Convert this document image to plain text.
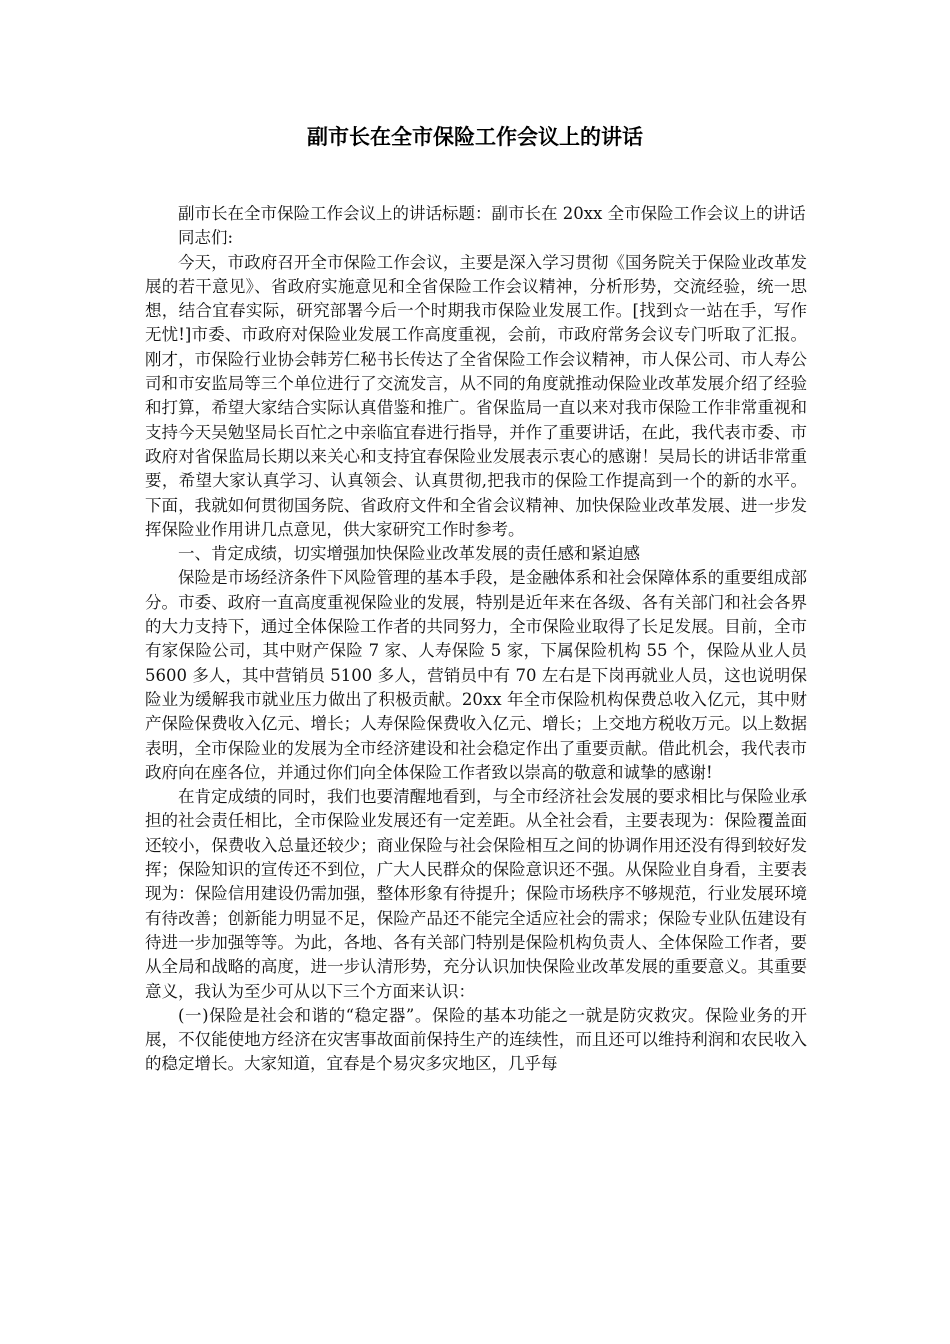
副市长在全市保险工作会议上的讲话

副市长在全市保险工作会议上的讲话标题：副市长在 20xx 全市保险工作会议上的讲话

同志们:

今天，市政府召开全市保险工作会议，主要是深入学习贯彻《国务院关于保险业改革发展的若干意见》、省政府实施意见和全省保险工作会议精神，分析形势，交流经验，统一思想，结合宜春实际，研究部署今后一个时期我市保险业发展工作。[找到☆一站在手，写作无忧!]市委、市政府对保险业发展工作高度重视，会前，市政府常务会议专门听取了汇报。刚才，市保险行业协会韩芳仁秘书长传达了全省保险工作会议精神，市人保公司、市人寿公司和市安监局等三个单位进行了交流发言，从不同的角度就推动保险业改革发展介绍了经验和打算，希望大家结合实际认真借鉴和推广。省保监局一直以来对我市保险工作非常重视和支持今天吴勉坚局长百忙之中亲临宜春进行指导，并作了重要讲话，在此，我代表市委、市政府对省保监局长期以来关心和支持宜春保险业发展表示衷心的感谢！吴局长的讲话非常重要，希望大家认真学习、认真领会、认真贯彻,把我市的保险工作提高到一个的新的水平。下面，我就如何贯彻国务院、省政府文件和全省会议精神、加快保险业改革发展、进一步发挥保险业作用讲几点意见，供大家研究工作时参考。

一、肯定成绩，切实增强加快保险业改革发展的责任感和紧迫感

保险是市场经济条件下风险管理的基本手段，是金融体系和社会保障体系的重要组成部分。市委、政府一直高度重视保险业的发展，特别是近年来在各级、各有关部门和社会各界的大力支持下，通过全体保险工作者的共同努力，全市保险业取得了长足发展。目前，全市有家保险公司，其中财产保险 7 家、人寿保险 5 家，下属保险机构 55 个，保险从业人员 5600 多人，其中营销员 5100 多人，营销员中有 70 左右是下岗再就业人员，这也说明保险业为缓解我市就业压力做出了积极贡献。20xx 年全市保险机构保费总收入亿元，其中财产保险保费收入亿元、增长；人寿保险保费收入亿元、增长；上交地方税收万元。以上数据表明，全市保险业的发展为全市经济建设和社会稳定作出了重要贡献。借此机会，我代表市政府向在座各位，并通过你们向全体保险工作者致以崇高的敬意和诚挚的感谢!

在肯定成绩的同时，我们也要清醒地看到，与全市经济社会发展的要求相比与保险业承担的社会责任相比，全市保险业发展还有一定差距。从全社会看，主要表现为：保险覆盖面还较小，保费收入总量还较少；商业保险与社会保险相互之间的协调作用还没有得到较好发挥；保险知识的宣传还不到位，广大人民群众的保险意识还不强。从保险业自身看，主要表现为：保险信用建设仍需加强，整体形象有待提升；保险市场秩序不够规范，行业发展环境有待改善；创新能力明显不足，保险产品还不能完全适应社会的需求；保险专业队伍建设有待进一步加强等等。为此，各地、各有关部门特别是保险机构负责人、全体保险工作者，要从全局和战略的高度，进一步认清形势，充分认识加快保险业改革发展的重要意义。其重要意义，我认为至少可从以下三个方面来认识：

(一)保险是社会和谐的“稳定器”。保险的基本功能之一就是防灾救灾。保险业务的开展，不仅能使地方经济在灾害事故面前保持生产的连续性，而且还可以维持利润和农民收入的稳定增长。大家知道，宜春是个易灾多灾地区，几乎每
